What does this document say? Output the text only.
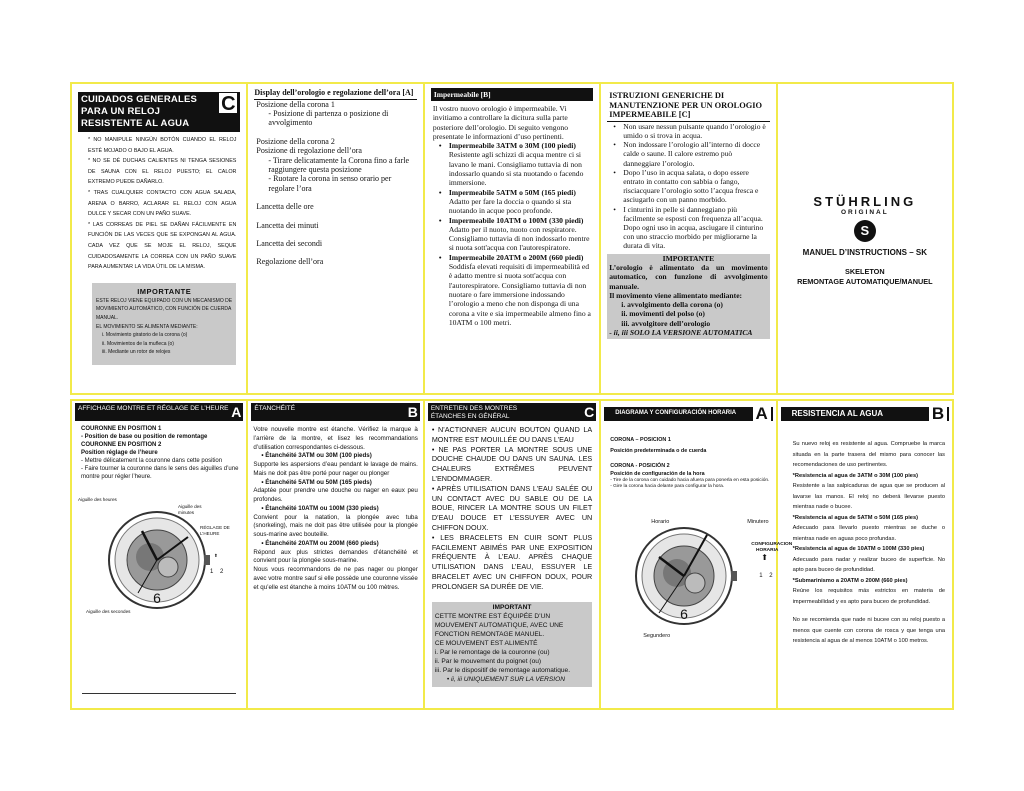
CUIDADOS GENERALES PARA UN RELOJ RESISTENTE AL AGUA
C
* NO MANIPULE NINGÚN BOTÓN CUANDO EL RELOJ ESTÉ MOJADO O BAJO EL AGUA.
* NO SE DÉ DUCHAS CALIENTES NI TENGA SESIONES DE SAUNA CON EL RELOJ PUESTO; EL CALOR EXTREMO PUEDE DAÑARLO.
* TRAS CUALQUIER CONTACTO CON AGUA SALADA, ARENA O BARRO, ACLARAR EL RELOJ CON AGUA DULCE Y SECAR CON UN PAÑO SUAVE.
* LAS CORREAS DE PIEL SE DAÑAN FÁCILMENTE EN FUNCIÓN DE LAS VECES QUE SE EXPONGAN AL AGUA. CADA VEZ QUE SE MOJE EL RELOJ, SEQUE CUIDADOSAMENTE LA CORREA CON UN PAÑO SUAVE PARA AUMENTAR LA VIDA ÚTIL DE LA MISMA.
IMPORTANTE
ESTE RELOJ VIENE EQUIPADO CON UN MECANISMO DE MOVIMIENTO AUTOMÁTICO, CON FUNCIÓN DE CUERDA MANUAL.
EL MOVIMIENTO SE ALIMENTA MEDIANTE:
i. Movimiento giratorio de la corona (o)
ii. Movimientos de la muñeca (o)
iii. Mediante un rotor de relojes
Display dell’orologio e regolazione dell’ora [A]
Posizione della corona 1
- Posizione di partenza o posizione di avvolgimento
Posizione della corona 2
Posizione di regolazione dell’ora
- Tirare delicatamente la Corona fino a farle raggiungere questa posizione
- Ruotare la corona in senso orario per regolare l’ora
Lancetta delle ore
Lancetta dei minuti
Lancetta dei secondi
Regolazione dell’ora
Impermeabile [B]
Il vostro nuovo orologio è impermeabile. Vi invitiamo a controllare la dicitura sulla parte posteriore dell’orologio. Di seguito vengono presentate le informazioni d’uso pertinenti.
• Impermeabile 3ATM o 30M (100 piedi)
Resistente agli schizzi di acqua mentre ci si lavano le mani. Consigliamo tuttavia di non indossarlo quando si sta nuotando o facendo immersione.
• Impermeabile 5ATM o 50M (165 piedi)
Adatto per fare la doccia o quando si sta nuotando in acque poco profonde.
• Impermeabile 10ATM o 100M (330 piedi)
Adatto per il nuoto, nuoto con respiratore. Consigliamo tuttavia di non indossarlo mentre si nuota sott'acqua con l'autorespiratore.
• Impermeabile 20ATM o 200M (660 piedi)
Soddisfa elevati requisiti di impermeabilità ed è adatto mentre si nuota sott'acqua con l'autorespiratore. Consigliamo tuttavia di non nuotare o fare immersione indossando l’orologio a meno che non disponga di una corona a vite e sia impermeabile almeno fino a 10ATM o 100 metri.
ISTRUZIONI GENERICHE DI MANUTENZIONE PER UN OROLOGIO IMPERMEABILE [C]
• Non usare nessun pulsante quando l’orologio è umido o si trova in acqua.
• Non indossare l’orologio all’interno di docce calde o saune. Il calore estremo può danneggiare l’orologio.
• Dopo l’uso in acqua salata, o dopo essere entrato in contatto con sabbia o fango, risciacquare l’orologio sotto l’acqua fresca e asciugarlo con un panno morbido.
• I cinturini in pelle si danneggiano più facilmente se esposti con frequenza all’acqua. Dopo ogni uso in acqua, asciugare il cinturino con uno straccio morbido per migliorarne la durata di vita.
IMPORTANTE
L’orologio è alimentato da un movimento automatico, con funzione di avvolgimento manuale.
Il movimento viene alimentato mediante:
i. avvolgimento della corona (o)
ii. movimenti del polso (o)
iii. avvolgitore dell’orologio
- ii, iii SOLO LA VERSIONE AUTOMATICA
STÜHRLING
ORIGINAL
S
MANUEL D’INSTRUCTIONS – SK
SKELETON
REMONTAGE AUTOMATIQUE/MANUEL
AFFICHAGE MONTRE ET RÉGLAGE DE L’HEURE A
COURONNE EN POSITION 1
- Position de base ou position de remontage
COURONNE EN POSITION 2
Position réglage de l’heure
- Mettre délicatement la couronne dans cette position
- Faire tourner la couronne dans le sens des aiguilles d’une montre pour régler l’heure.
6
Aiguille des heures
Aiguille des minutes
RÉGLAGE DE L’HEURE
⬆
1 2
Aiguille des secondes
ÉTANCHÉITÉ	B
Votre nouvelle montre est étanche. Vérifiez la marque à l’arrière de la montre, et lisez les recommandations d’utilisation correspondantes ci-dessous.
• Étanchéité 3ATM ou 30M (100 pieds)
Supporte les aspersions d’eau pendant le lavage de mains. Mais ne doit pas être porté pour nager ou plonger
• Étanchéité 5ATM ou 50M (165 pieds)
Adaptée pour prendre une douche ou nager en eaux peu profondes.
• Étanchéité 10ATM ou 100M (330 pieds)
Convient pour la natation, la plongée avec tuba (snorkeling), mais ne doit pas être utilisée pour la plongée sous-marine avec bouteille.
• Étanchéité 20ATM ou 200M (660 pieds)
Répond aux plus strictes demandes d’étanchéité et convient pour la plongée sous-marine.
Nous vous recommandons de ne pas nager ou plonger avec votre montre sauf si elle possède une couronne vissée et qu’elle est étanche à moins 10ATM ou 100 mètres.
ENTRETIEN DES MONTRES ÉTANCHES EN GÉNÉRAL	C
• N’ACTIONNER AUCUN BOUTON QUAND LA MONTRE EST MOUILLÉE OU DANS L’EAU
• NE PAS PORTER LA MONTRE SOUS UNE DOUCHE CHAUDE OU DANS UN SAUNA. LES CHALEURS EXTRÊMES PEUVENT L’ENDOMMAGER.
• APRÈS UTILISATION DANS L’EAU SALÉE OU UN CONTACT AVEC DU SABLE OU DE LA BOUE, RINCER LA MONTRE SOUS UN FILET D’EAU DOUCE ET L’ESSUYER AVEC UN CHIFFON DOUX.
• LES BRACELETS EN CUIR SONT PLUS FACILEMENT ABIMÉS PAR UNE EXPOSITION FRÉQUENTE À L’EAU. APRÈS CHAQUE UTILISATION DANS L’EAU, ESSUYER LE BRACELET AVEC UN CHIFFON DOUX, POUR PROLONGER SA DURÉE DE VIE.
IMPORTANT
CETTE MONTRE EST ÉQUIPÉE D’UN MOUVEMENT AUTOMATIQUE, AVEC UNE FONCTION REMONTAGE MANUEL.
CE MOUVEMENT EST ALIMENTÉ
i. Par le remontage de la couronne (ou)
ii. Par le mouvement du poignet (ou)
iii. Par le dispositif de remontage automatique.
• ii, iii UNIQUEMENT SUR LA VERSION
DIAGRAMA Y CONFIGURACIÓN HORARIA A
CORONA – POSICION 1
Posición predeterminada o de cuerda
CORONA - POSICIÓN 2
Posición de configuración de la hora
- Tire de la corona con cuidado hacia afuera para ponerla en esta posición.
- Gire la corona hacia delante para configurar la hora.
6
Horario	Minutero
CONFIGURACION HORARIA
⬆
1 2
Segundero
RESISTENCIA AL AGUA	B
Su nuevo reloj es resistente al agua. Compruebe la marca situada en la parte trasera del mismo para conocer las recomendaciones de uso pertinentes.
*Resistencia al agua de 3ATM o 30M (100 pies)
Resistente a las salpicaduras de agua que se producen al lavarse las manos. El reloj no deberá llevarse puesto mientras nade o bucee.
*Resistencia al agua de 5ATM o 50M (165 pies)
Adecuado para llevarlo puesto mientras se duche o mientras nade en aguas poco profundas.
*Resistencia al agua de 10ATM o 100M (330 pies)
Adecuado para nadar y realizar buceo de superficie. No apto para buceo de profundidad.
*Submarinismo a 20ATM o 200M (660 pies)
Reúne los requisitos más estrictos en materia de impermeabilidad y es apto para buceo de profundidad.
No se recomienda que nade ni bucee con su reloj puesto a menos que cuente con corona de rosca y que tenga una resistencia al agua de al menos 10ATM o 100 metros.
